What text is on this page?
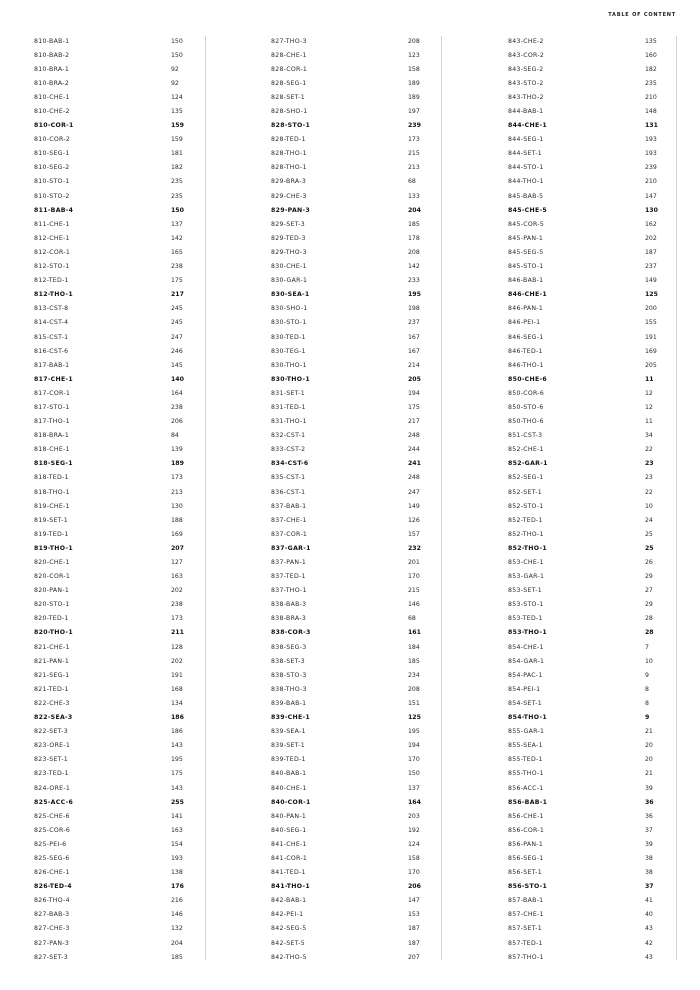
TABLE OF CONTENT
810-BAB-1	150
810-BAB-2	150
810-BRA-1	92
810-BRA-2	92
810-CHE-1	124
810-CHE-2	135
810-COR-1	159
810-COR-2	159
810-SEG-1	181
810-SEG-2	182
810-STO-1	235
810-STO-2	235
811-BAB-4	150
811-CHE-1	137
812-CHE-1	142
812-COR-1	165
812-STO-1	238
812-TED-1	175
812-THO-1	217
813-CST-8	245
814-CST-4	245
815-CST-1	247
816-CST-6	246
817-BAB-1	145
817-CHE-1	140
817-COR-1	164
817-STO-1	238
817-THO-1	206
818-BRA-1	84
818-CHE-1	139
818-SEG-1	189
818-TED-1	173
818-THO-1	213
819-CHE-1	130
819-SET-1	188
819-TED-1	169
819-THO-1	207
820-CHE-1	127
820-COR-1	163
820-PAN-1	202
820-STO-1	238
820-TED-1	173
820-THO-1	211
821-CHE-1	128
821-PAN-1	202
821-SEG-1	191
821-TED-1	168
822-CHE-3	134
822-SEA-3	186
822-SET-3	186
823-ORE-1	143
823-SET-1	195
823-TED-1	175
824-ORE-1	143
825-ACC-6	255
825-CHE-6	141
825-COR-6	163
825-PEI-6	154
825-SEG-6	193
826-CHE-1	138
826-TED-4	176
826-THO-4	216
827-BAB-3	146
827-CHE-3	132
827-PAN-3	204
827-SET-3	185
827-THO-3	208
828-CHE-1	123
828-COR-1	158
828-SEG-1	189
828-SET-1	189
828-SHO-1	197
828-STO-1	239
828-TED-1	173
828-THO-1	215
828-THO-1	213
829-BRA-3	68
829-CHE-3	133
829-PAN-3	204
829-SET-3	185
829-TED-3	178
829-THO-3	208
830-CHE-1	142
830-GAR-1	233
830-SEA-1	195
830-SHO-1	198
830-STO-1	237
830-TED-1	167
830-TEG-1	167
830-THO-1	214
830-THO-1	205
831-SET-1	194
831-TED-1	175
831-THO-1	217
832-CST-1	248
833-CST-2	244
834-CST-6	241
835-CST-1	248
836-CST-1	247
837-BAB-1	149
837-CHE-1	126
837-COR-1	157
837-GAR-1	232
837-PAN-1	201
837-TED-1	170
837-THO-1	215
838-BAB-3	146
838-BRA-3	68
838-COR-3	161
838-SEG-3	184
838-SET-3	185
838-STO-3	234
838-THO-3	208
839-BAB-1	151
839-CHE-1	125
839-SEA-1	195
839-SET-1	194
839-TED-1	170
840-BAB-1	150
840-CHE-1	137
840-COR-1	164
840-PAN-1	203
840-SEG-1	192
841-CHE-1	124
841-COR-1	158
841-TED-1	170
841-THO-1	206
842-BAB-1	147
842-PEI-1	153
842-SEG-5	187
842-SET-5	187
842-THO-5	207
843-CHE-2	135
843-COR-2	160
843-SEG-2	182
843-STO-2	235
843-THO-2	210
844-BAB-1	148
844-CHE-1	131
844-SEG-1	193
844-SET-1	193
844-STO-1	239
844-THO-1	210
845-BAB-5	147
845-CHE-5	130
845-COR-5	162
845-PAN-1	202
845-SEG-5	187
845-STO-1	237
846-BAB-1	149
846-CHE-1	125
846-PAN-1	200
846-PEI-1	155
846-SEG-1	191
846-TED-1	169
846-THO-1	205
850-CHE-6	11
850-COR-6	12
850-STO-6	12
850-THO-6	11
851-CST-3	34
852-CHE-1	22
852-GAR-1	23
852-SEG-1	23
852-SET-1	22
852-STO-1	10
852-TED-1	24
852-THO-1	25
852-THO-1	25
853-CHE-1	26
853-GAR-1	29
853-SET-1	27
853-STO-1	29
853-TED-1	28
853-THO-1	28
854-CHE-1	7
854-GAR-1	10
854-PAC-1	9
854-PEI-1	8
854-SET-1	8
854-THO-1	9
855-GAR-1	21
855-SEA-1	20
855-TED-1	20
855-THO-1	21
856-ACC-1	39
856-BAB-1	36
856-CHE-1	36
856-COR-1	37
856-PAN-1	39
856-SEG-1	38
856-SET-1	38
856-STO-1	37
857-BAB-1	41
857-CHE-1	40
857-SET-1	43
857-TED-1	42
857-THO-1	43
